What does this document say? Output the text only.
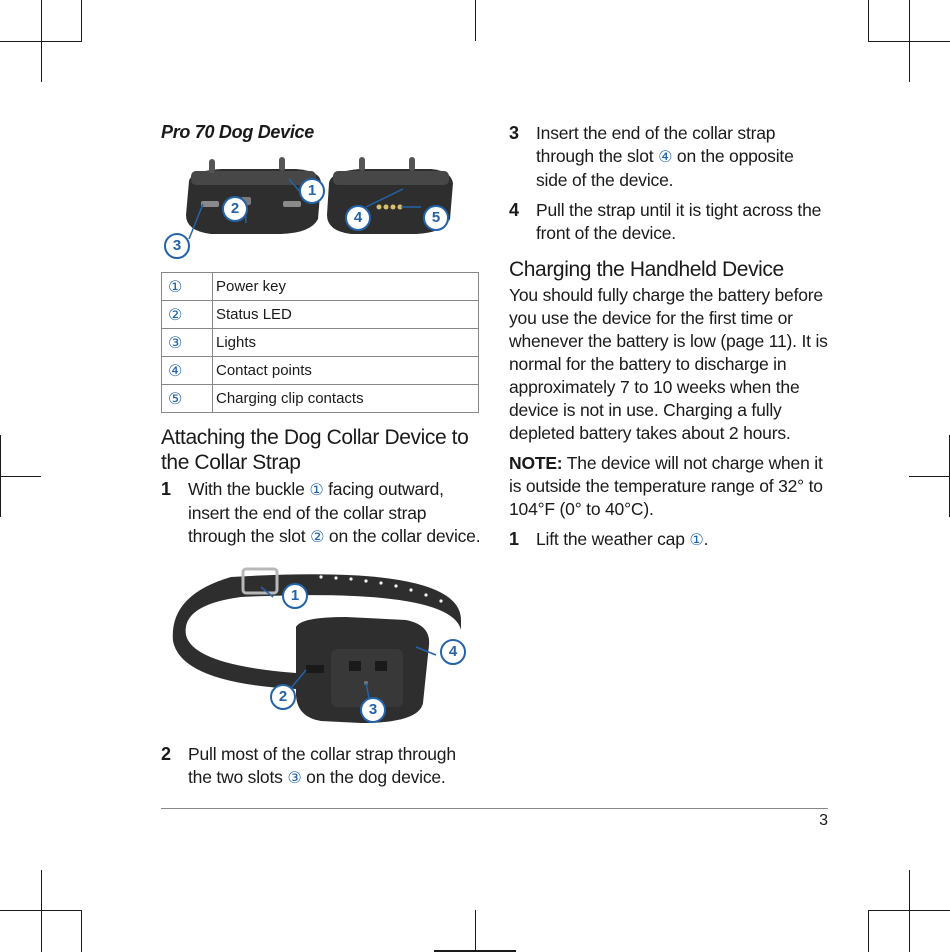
Pro 70 Dog Device
1
2
3
4	5
①	Power key
②	Status LED
③	Lights
④	Contact points
⑤	Charging clip contacts
Attaching the Dog Collar Device to the Collar Strap
1 With the buckle ① facing outward, insert the end of the collar strap through the slot ② on the collar device.
1
2
3
4
2 Pull most of the collar strap through the two slots ③ on the dog device.
3 Insert the end of the collar strap through the slot ④ on the opposite side of the device.
4 Pull the strap until it is tight across the front of the device.
Charging the Handheld Device
You should fully charge the battery before you use the device for the first time or whenever the battery is low (page 11). It is normal for the battery to discharge in approximately 7 to 10 weeks when the device is not in use. Charging a fully depleted battery takes about 2 hours.
NOTE: The device will not charge when it is outside the temperature range of 32° to 104°F (0° to 40°C).
1 Lift the weather cap ①.
3
